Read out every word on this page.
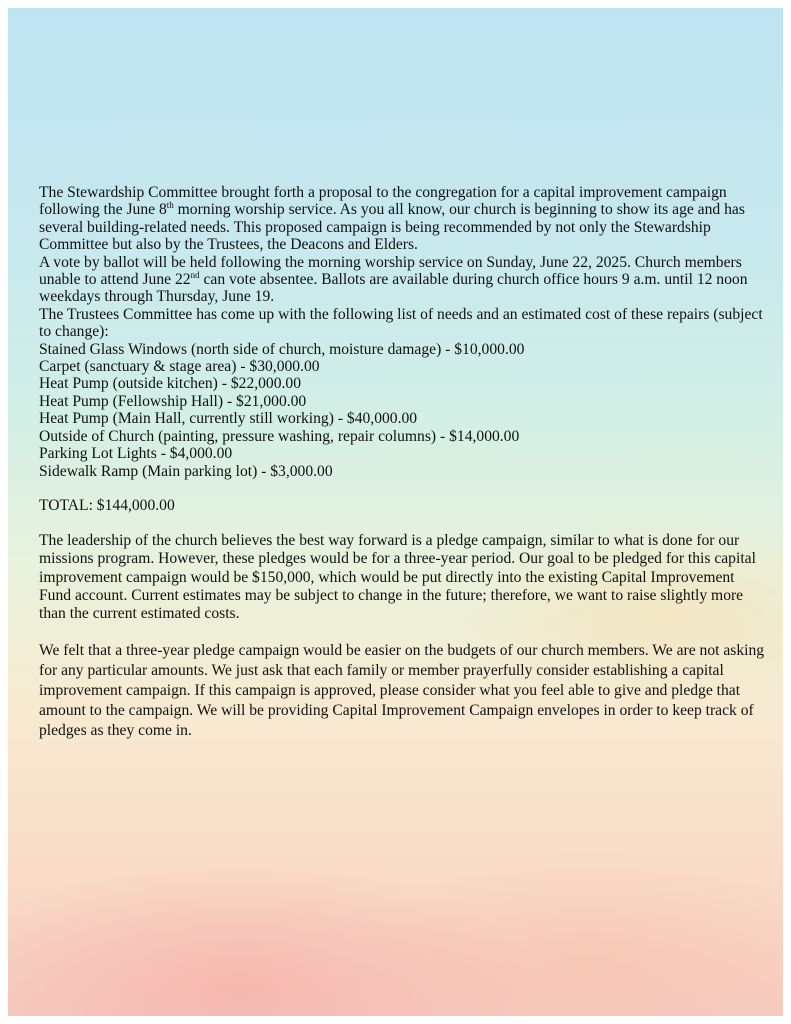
The Stewardship Committee brought forth a proposal to the congregation for a capital improvement campaign following the June 8th morning worship service. As you all know, our church is beginning to show its age and has several building-related needs. This proposed campaign is being recommended by not only the Stewardship Committee but also by the Trustees, the Deacons and Elders.

A vote by ballot will be held following the morning worship service on Sunday, June 22, 2025. Church members unable to attend June 22nd can vote absentee. Ballots are available during church office hours 9 a.m. until 12 noon weekdays through Thursday, June 19.

The Trustees Committee has come up with the following list of needs and an estimated cost of these repairs (subject to change):

Stained Glass Windows (north side of church, moisture damage) - $10,000.00

Carpet (sanctuary & stage area) - $30,000.00

Heat Pump (outside kitchen) - $22,000.00

Heat Pump (Fellowship Hall) - $21,000.00

Heat Pump (Main Hall, currently still working) - $40,000.00

Outside of Church (painting, pressure washing, repair columns) - $14,000.00

Parking Lot Lights - $4,000.00

Sidewalk Ramp (Main parking lot) - $3,000.00

TOTAL: $144,000.00

The leadership of the church believes the best way forward is a pledge campaign, similar to what is done for our missions program. However, these pledges would be for a three-year period. Our goal to be pledged for this capital improvement campaign would be $150,000, which would be put directly into the existing Capital Improvement Fund account. Current estimates may be subject to change in the future; therefore, we want to raise slightly more than the current estimated costs.

We felt that a three-year pledge campaign would be easier on the budgets of our church members. We are not asking for any particular amounts. We just ask that each family or member prayerfully consider establishing a capital improvement campaign. If this campaign is approved, please consider what you feel able to give and pledge that amount to the campaign. We will be providing Capital Improvement Campaign envelopes in order to keep track of pledges as they come in.
